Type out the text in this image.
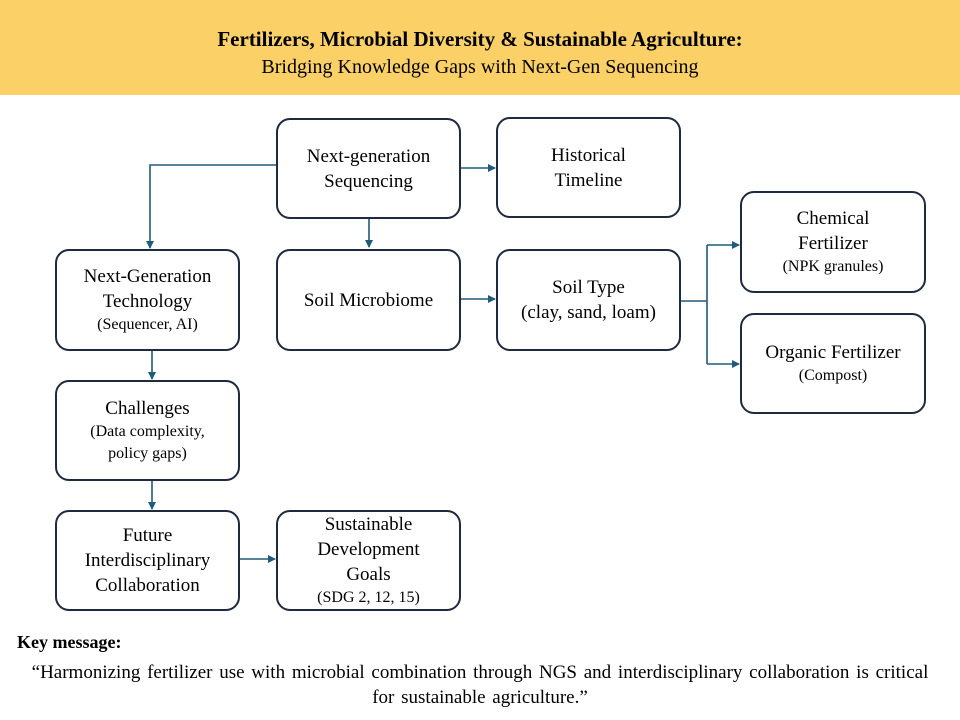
Fertilizers, Microbial Diversity & Sustainable Agriculture:
Bridging Knowledge Gaps with Next-Gen Sequencing
Next-generation
Sequencing
Historical
Timeline
Chemical
Fertilizer
(NPK granules)
Next-Generation
Technology
(Sequencer, AI)
Soil Microbiome
Soil Type
(clay, sand, loam)
Organic Fertilizer
(Compost)
Challenges
(Data complexity,
policy gaps)
Future
Interdisciplinary
Collaboration
Sustainable
Development
Goals
(SDG 2, 12, 15)
Key message:
“Harmonizing fertilizer use with microbial combination through NGS and interdisciplinary collaboration is critical for sustainable agriculture.”
